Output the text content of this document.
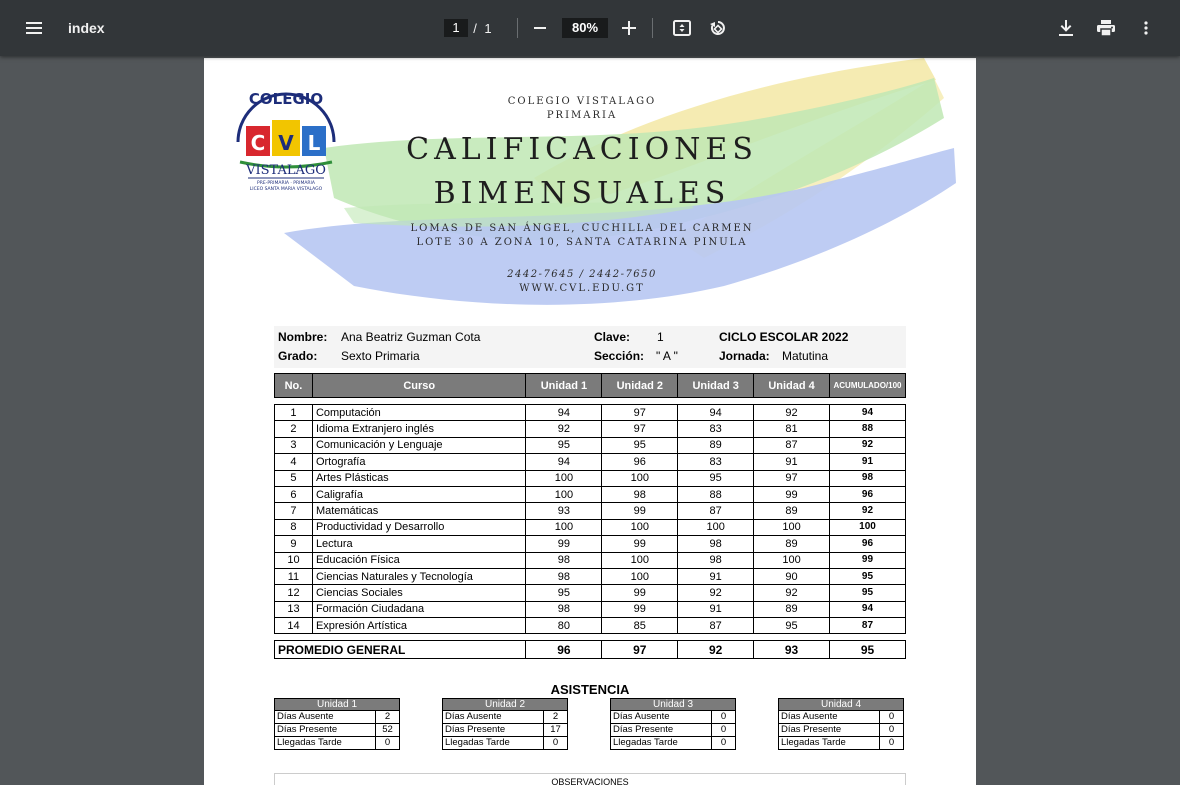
index	1	/ 1	80%
COLEGIO
C V L
VISTALAGO
PRE-PRIMARIA · PRIMARIA
LICEO SANTA MARIA VISTALAGO
COLEGIO VISTALAGO
PRIMARIA
CALIFICACIONES
BIMENSUALES
LOMAS DE SAN ÁNGEL, CUCHILLA DEL CARMEN
LOTE 30 A ZONA 10, SANTA CATARINA PINULA
2442-7645 / 2442-7650
WWW.CVL.EDU.GT
Nombre: Ana Beatriz Guzman Cota	Clave: 1	CICLO ESCOLAR 2022
Grado: Sexto Primaria	Sección: " A "	Jornada: Matutina
No.	Curso	Unidad 1	Unidad 2	Unidad 3	Unidad 4	ACUMULADO/100

1	Computación	94	97	94	92	94
2	Idioma Extranjero inglés	92	97	83	81	88
3	Comunicación y Lenguaje	95	95	89	87	92
4	Ortografía	94	96	83	91	91
5	Artes Plásticas	100	100	95	97	98
6	Caligrafía	100	98	88	99	96
7	Matemáticas	93	99	87	89	92
8	Productividad y Desarrollo	100	100	100	100	100
9	Lectura	99	99	98	89	96
10	Educación Física	98	100	98	100	99
11	Ciencias Naturales y Tecnología	98	100	91	90	95
12	Ciencias Sociales	95	99	92	92	95
13	Formación Ciudadana	98	99	91	89	94
14	Expresión Artística	80	85	87	95	87

PROMEDIO GENERAL		96	97	92	93	95
ASISTENCIA
Unidad 1	
Días Ausente	2
Días Presente	52
Llegadas Tarde	0
Unidad 2	
Días Ausente	2
Días Presente	17
Llegadas Tarde	0
Unidad 3	
Días Ausente	0
Días Presente	0
Llegadas Tarde	0
Unidad 4	
Días Ausente	0
Días Presente	0
Llegadas Tarde	0
OBSERVACIONES
